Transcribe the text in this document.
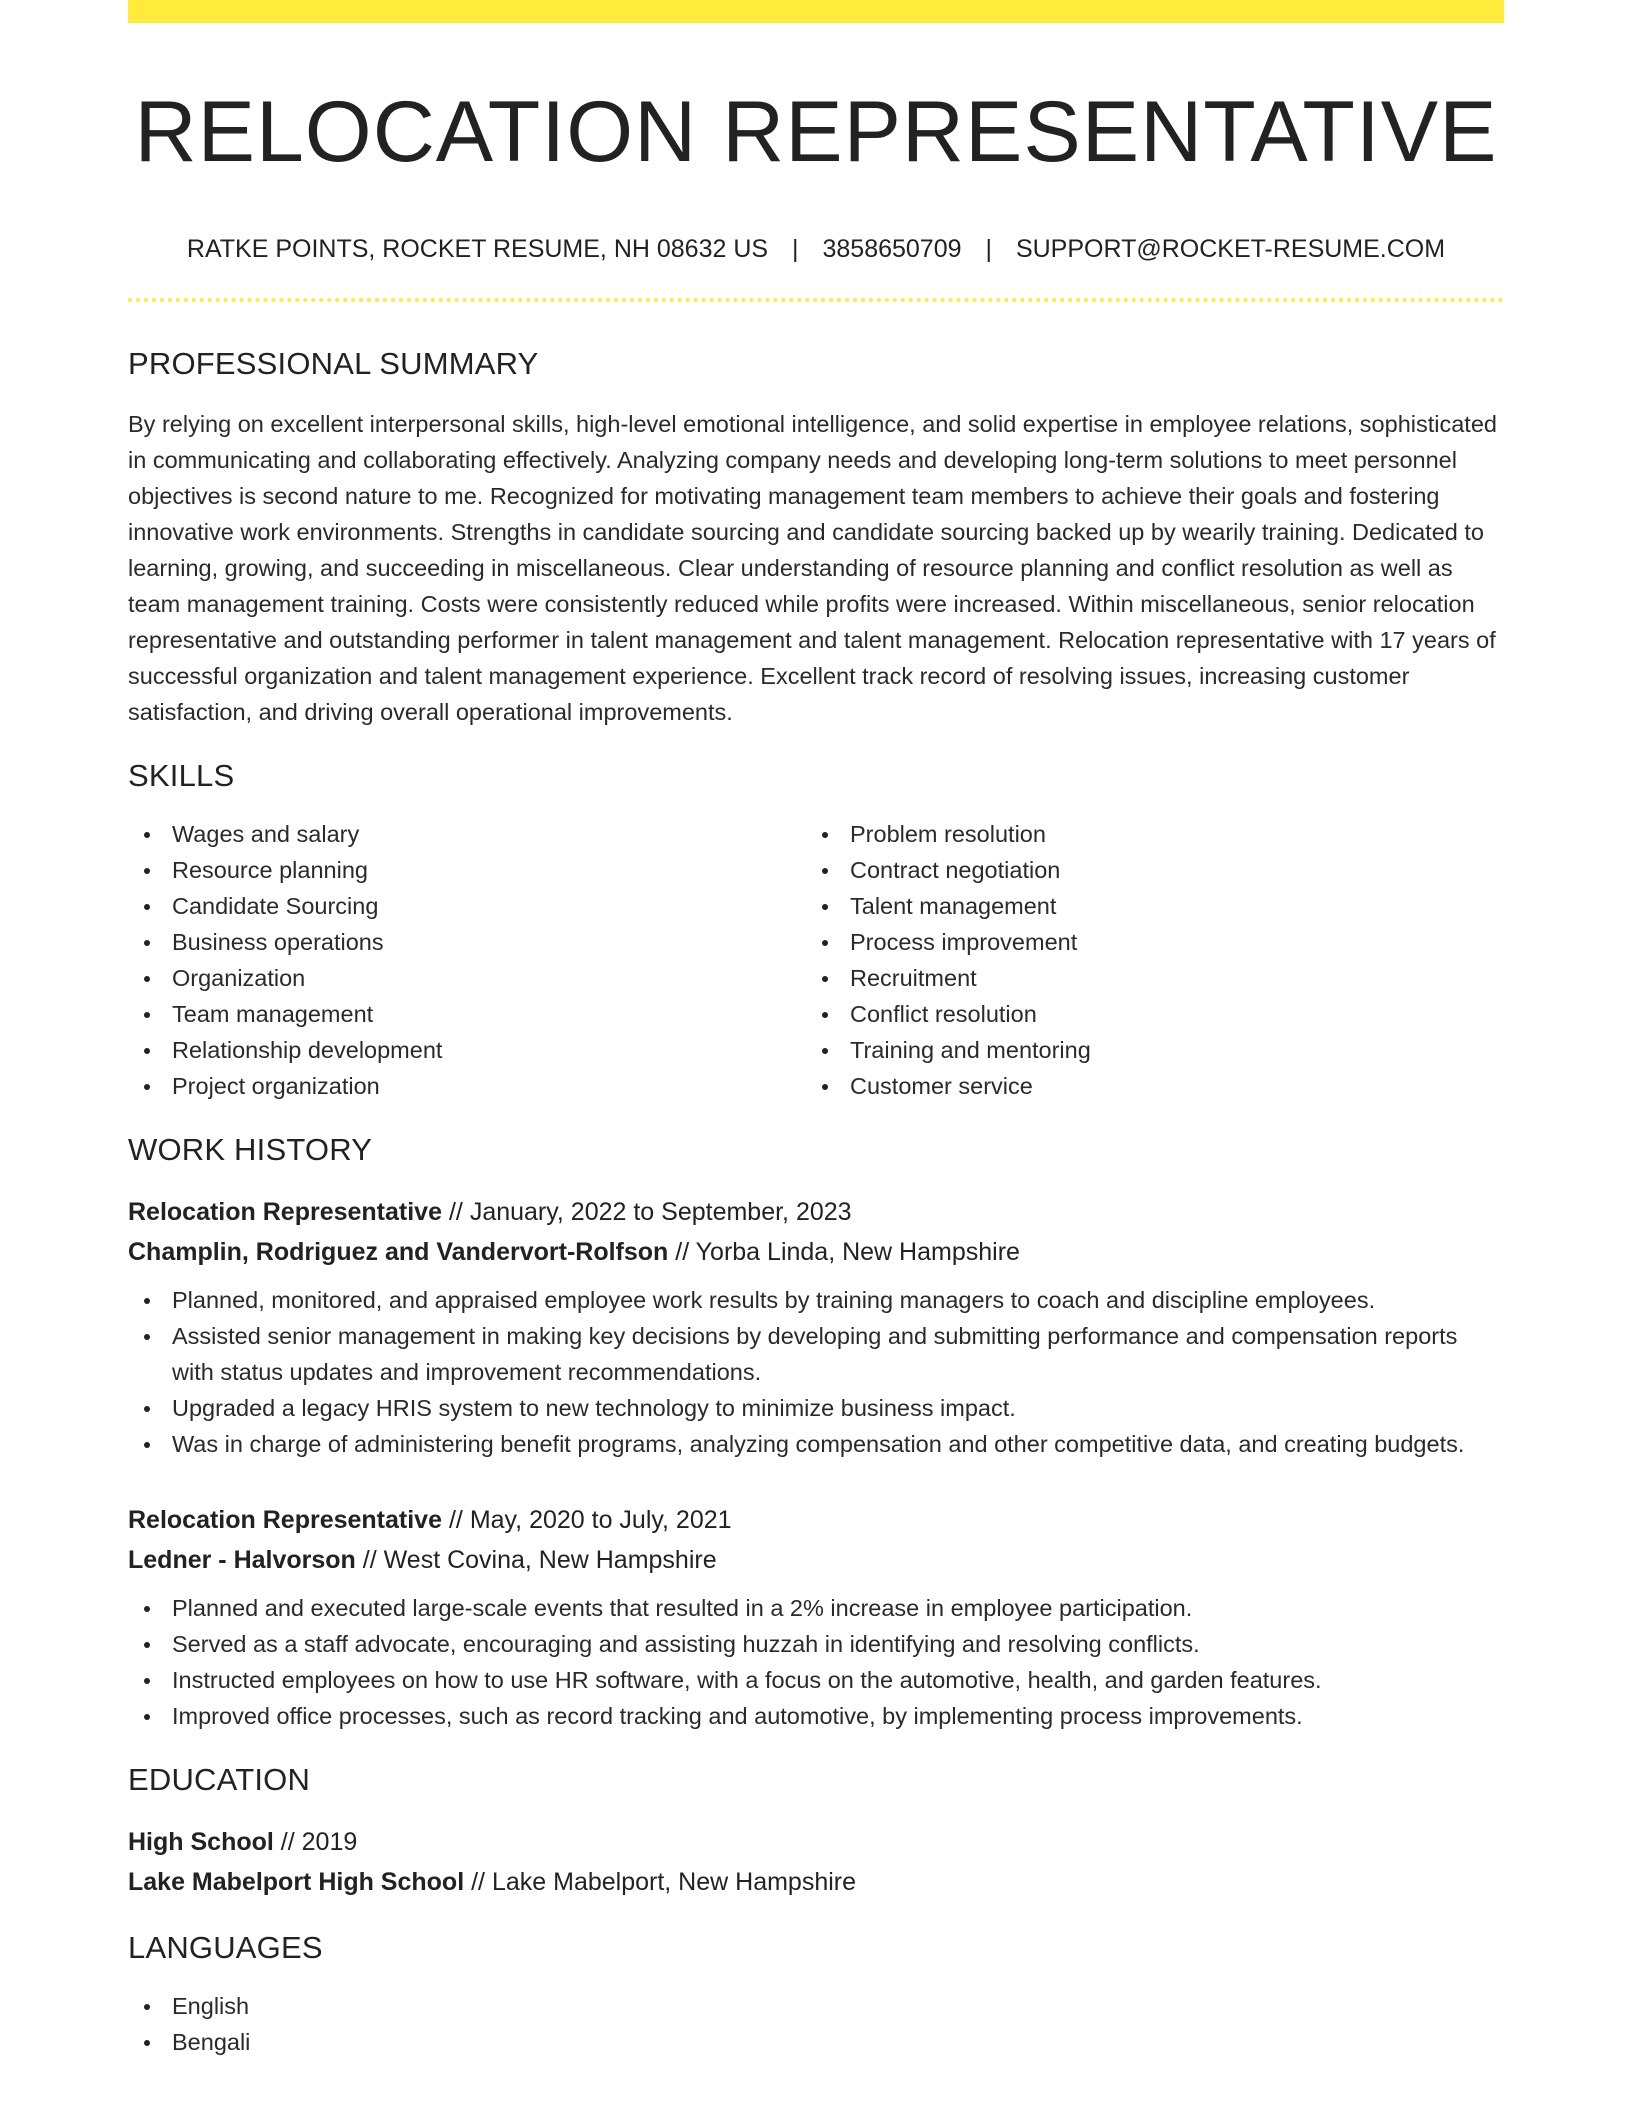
RELOCATION REPRESENTATIVE
RATKE POINTS, ROCKET RESUME, NH 08632 US | 3858650709 | SUPPORT@ROCKET-RESUME.COM
PROFESSIONAL SUMMARY

By relying on excellent interpersonal skills, high-level emotional intelligence, and solid expertise in employee relations, sophisticated in communicating and collaborating effectively. Analyzing company needs and developing long-term solutions to meet personnel objectives is second nature to me. Recognized for motivating management team members to achieve their goals and fostering innovative work environments. Strengths in candidate sourcing and candidate sourcing backed up by wearily training. Dedicated to learning, growing, and succeeding in miscellaneous. Clear understanding of resource planning and conflict resolution as well as team management training. Costs were consistently reduced while profits were increased. Within miscellaneous, senior relocation representative and outstanding performer in talent management and talent management. Relocation representative with 17 years of successful organization and talent management experience. Excellent track record of resolving issues, increasing customer satisfaction, and driving overall operational improvements.

SKILLS
Wages and salary
Resource planning
Candidate Sourcing
Business operations
Organization
Team management
Relationship development
Project organization
Problem resolution
Contract negotiation
Talent management
Process improvement
Recruitment
Conflict resolution
Training and mentoring
Customer service
WORK HISTORY
Relocation Representative // January, 2022 to September, 2023
Champlin, Rodriguez and Vandervort-Rolfson // Yorba Linda, New Hampshire
Planned, monitored, and appraised employee work results by training managers to coach and discipline employees.
Assisted senior management in making key decisions by developing and submitting performance and compensation reports with status updates and improvement recommendations.
Upgraded a legacy HRIS system to new technology to minimize business impact.
Was in charge of administering benefit programs, analyzing compensation and other competitive data, and creating budgets.
Relocation Representative // May, 2020 to July, 2021
Ledner - Halvorson // West Covina, New Hampshire
Planned and executed large-scale events that resulted in a 2% increase in employee participation.
Served as a staff advocate, encouraging and assisting huzzah in identifying and resolving conflicts.
Instructed employees on how to use HR software, with a focus on the automotive, health, and garden features.
Improved office processes, such as record tracking and automotive, by implementing process improvements.
EDUCATION
High School // 2019
Lake Mabelport High School // Lake Mabelport, New Hampshire
LANGUAGES
English
Bengali
